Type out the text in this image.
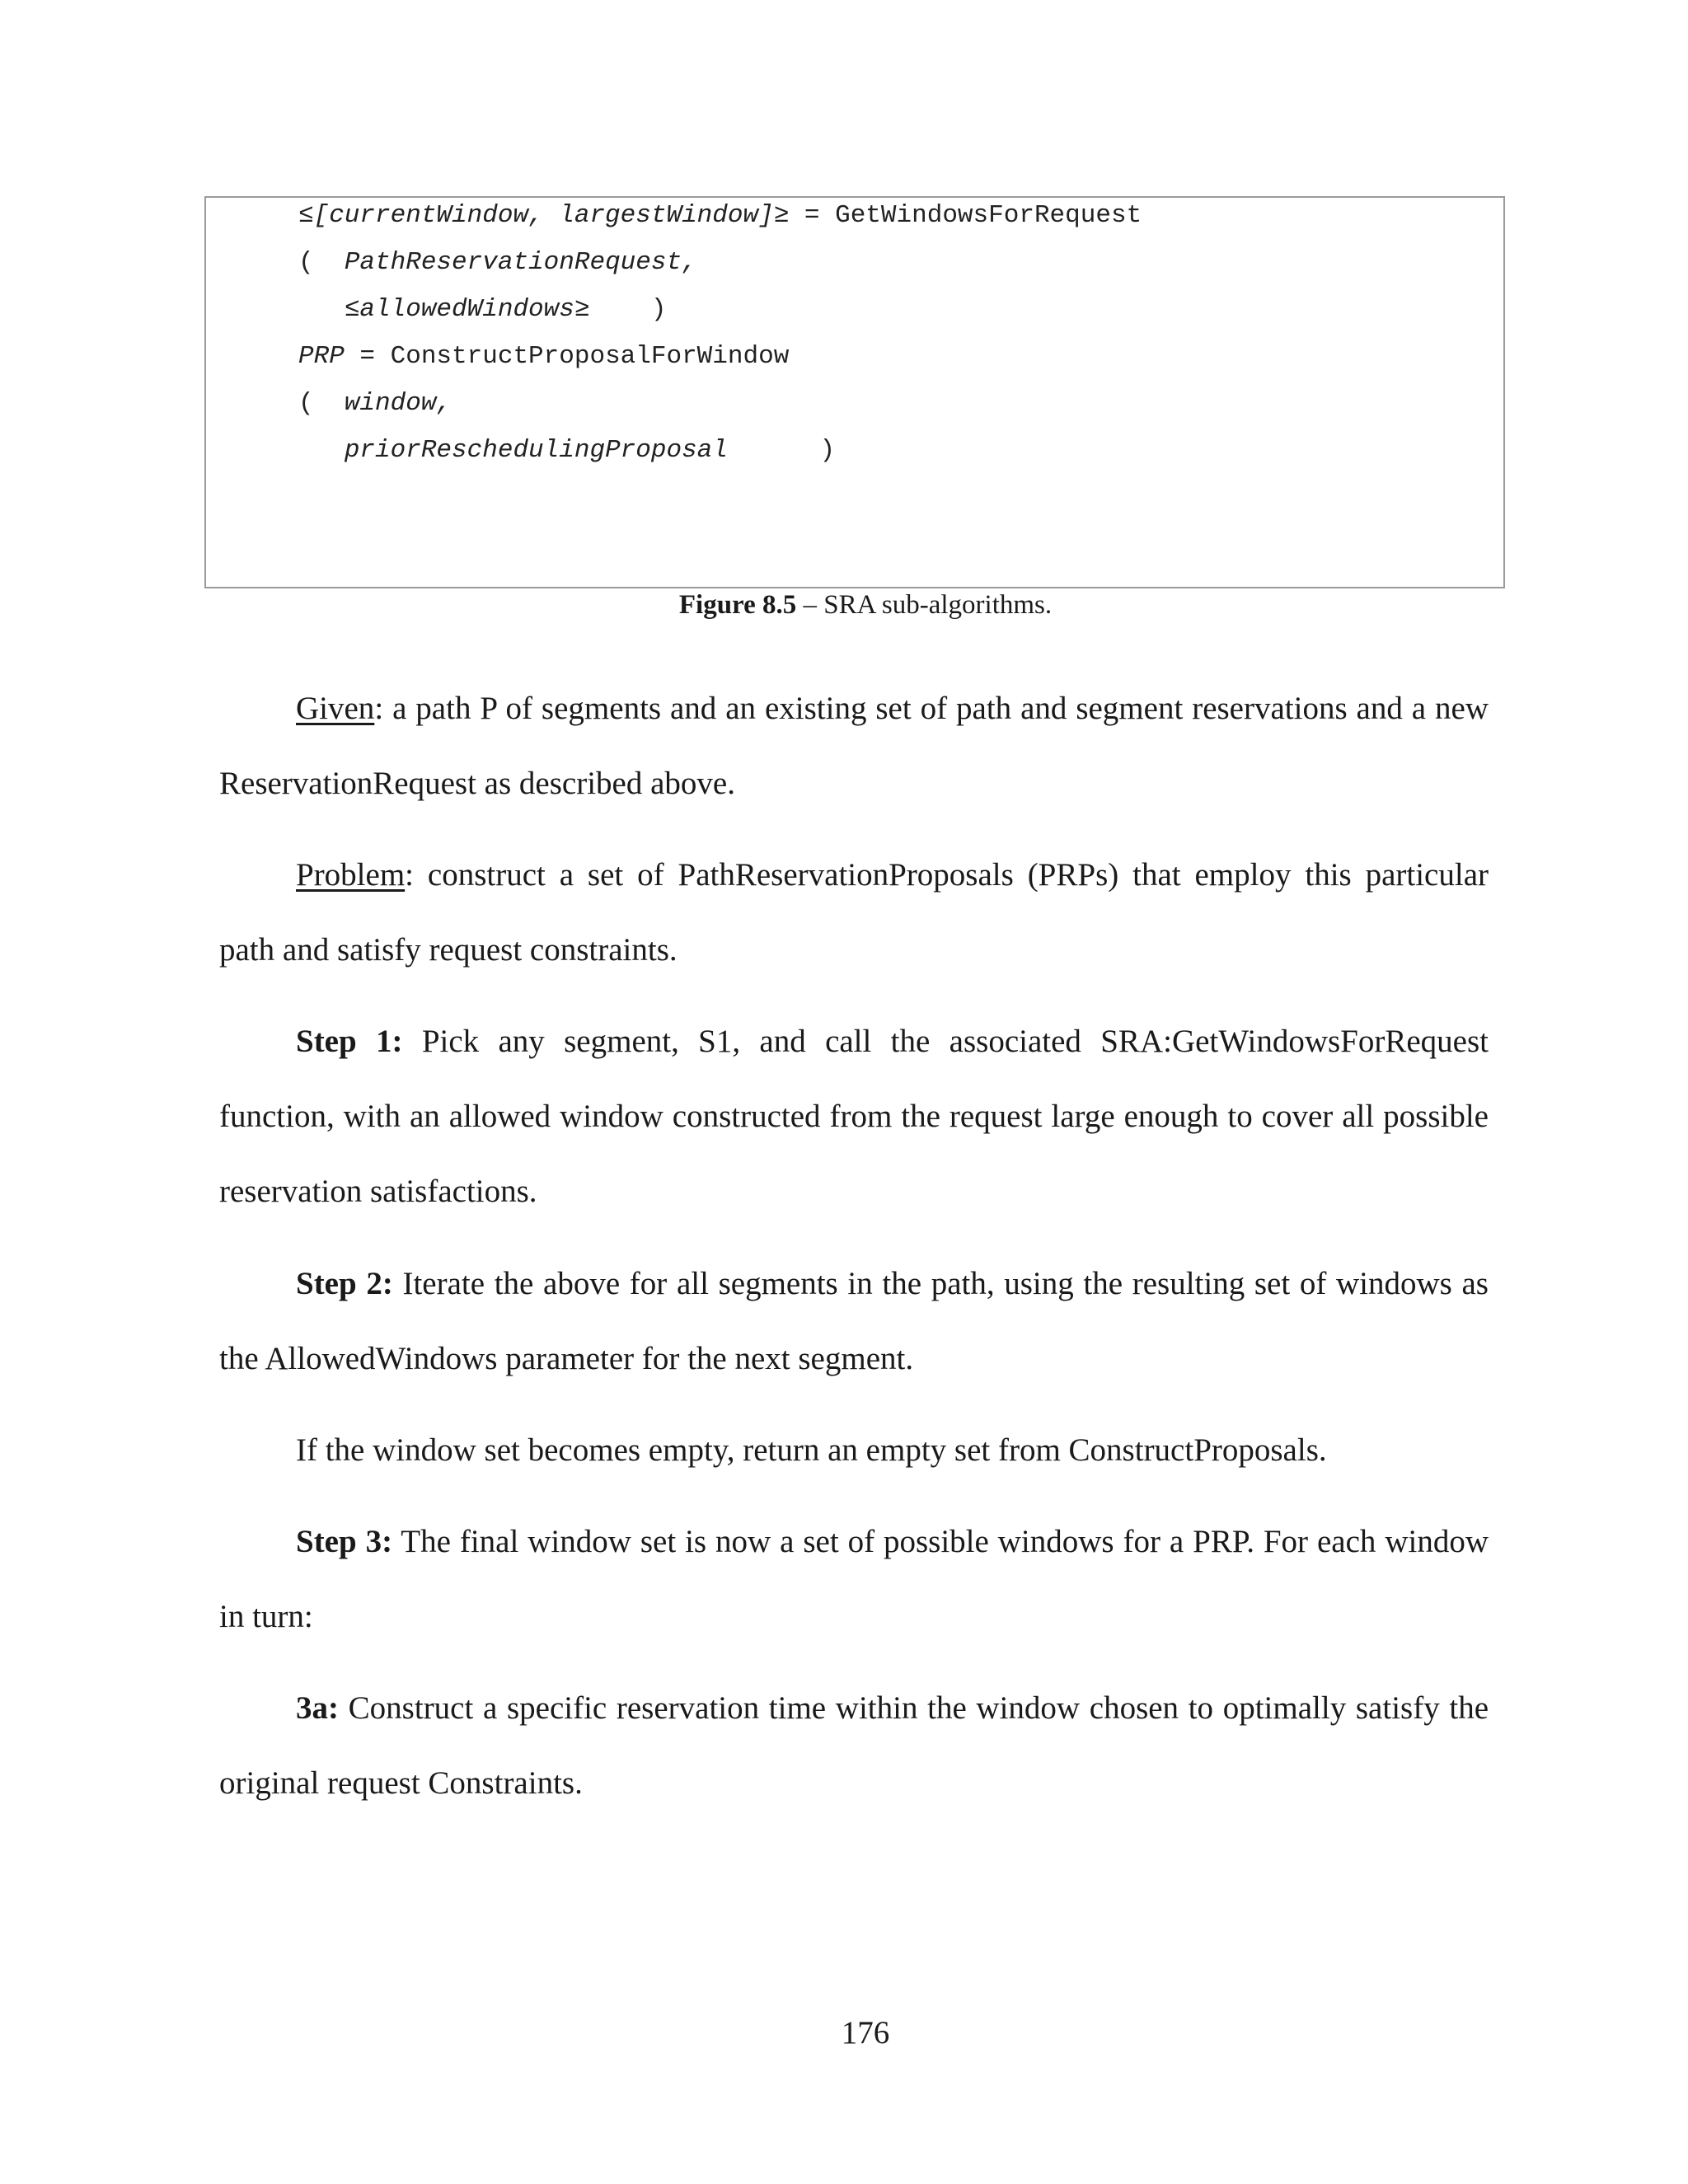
≤[currentWindow, largestWindow]≥ = GetWindowsForRequest
(  PathReservationRequest,
≤allowedWindows≥    )
PRP = ConstructProposalForWindow
(  window,
priorReschedulingProposal      )
Figure 8.5 – SRA sub-algorithms.

Given: a path P of segments and an existing set of path and segment reservations and a new ReservationRequest as described above.

Problem: construct a set of PathReservationProposals (PRPs) that employ this particular path and satisfy request constraints.

Step 1: Pick any segment, S1, and call the associated SRA:GetWindowsForRequest function, with an allowed window constructed from the request large enough to cover all possible reservation satisfactions.

Step 2: Iterate the above for all segments in the path, using the resulting set of windows as the AllowedWindows parameter for the next segment.

If the window set becomes empty, return an empty set from ConstructProposals.

Step 3: The final window set is now a set of possible windows for a PRP. For each window in turn:

3a: Construct a specific reservation time within the window chosen to optimally satisfy the original request Constraints.

176
